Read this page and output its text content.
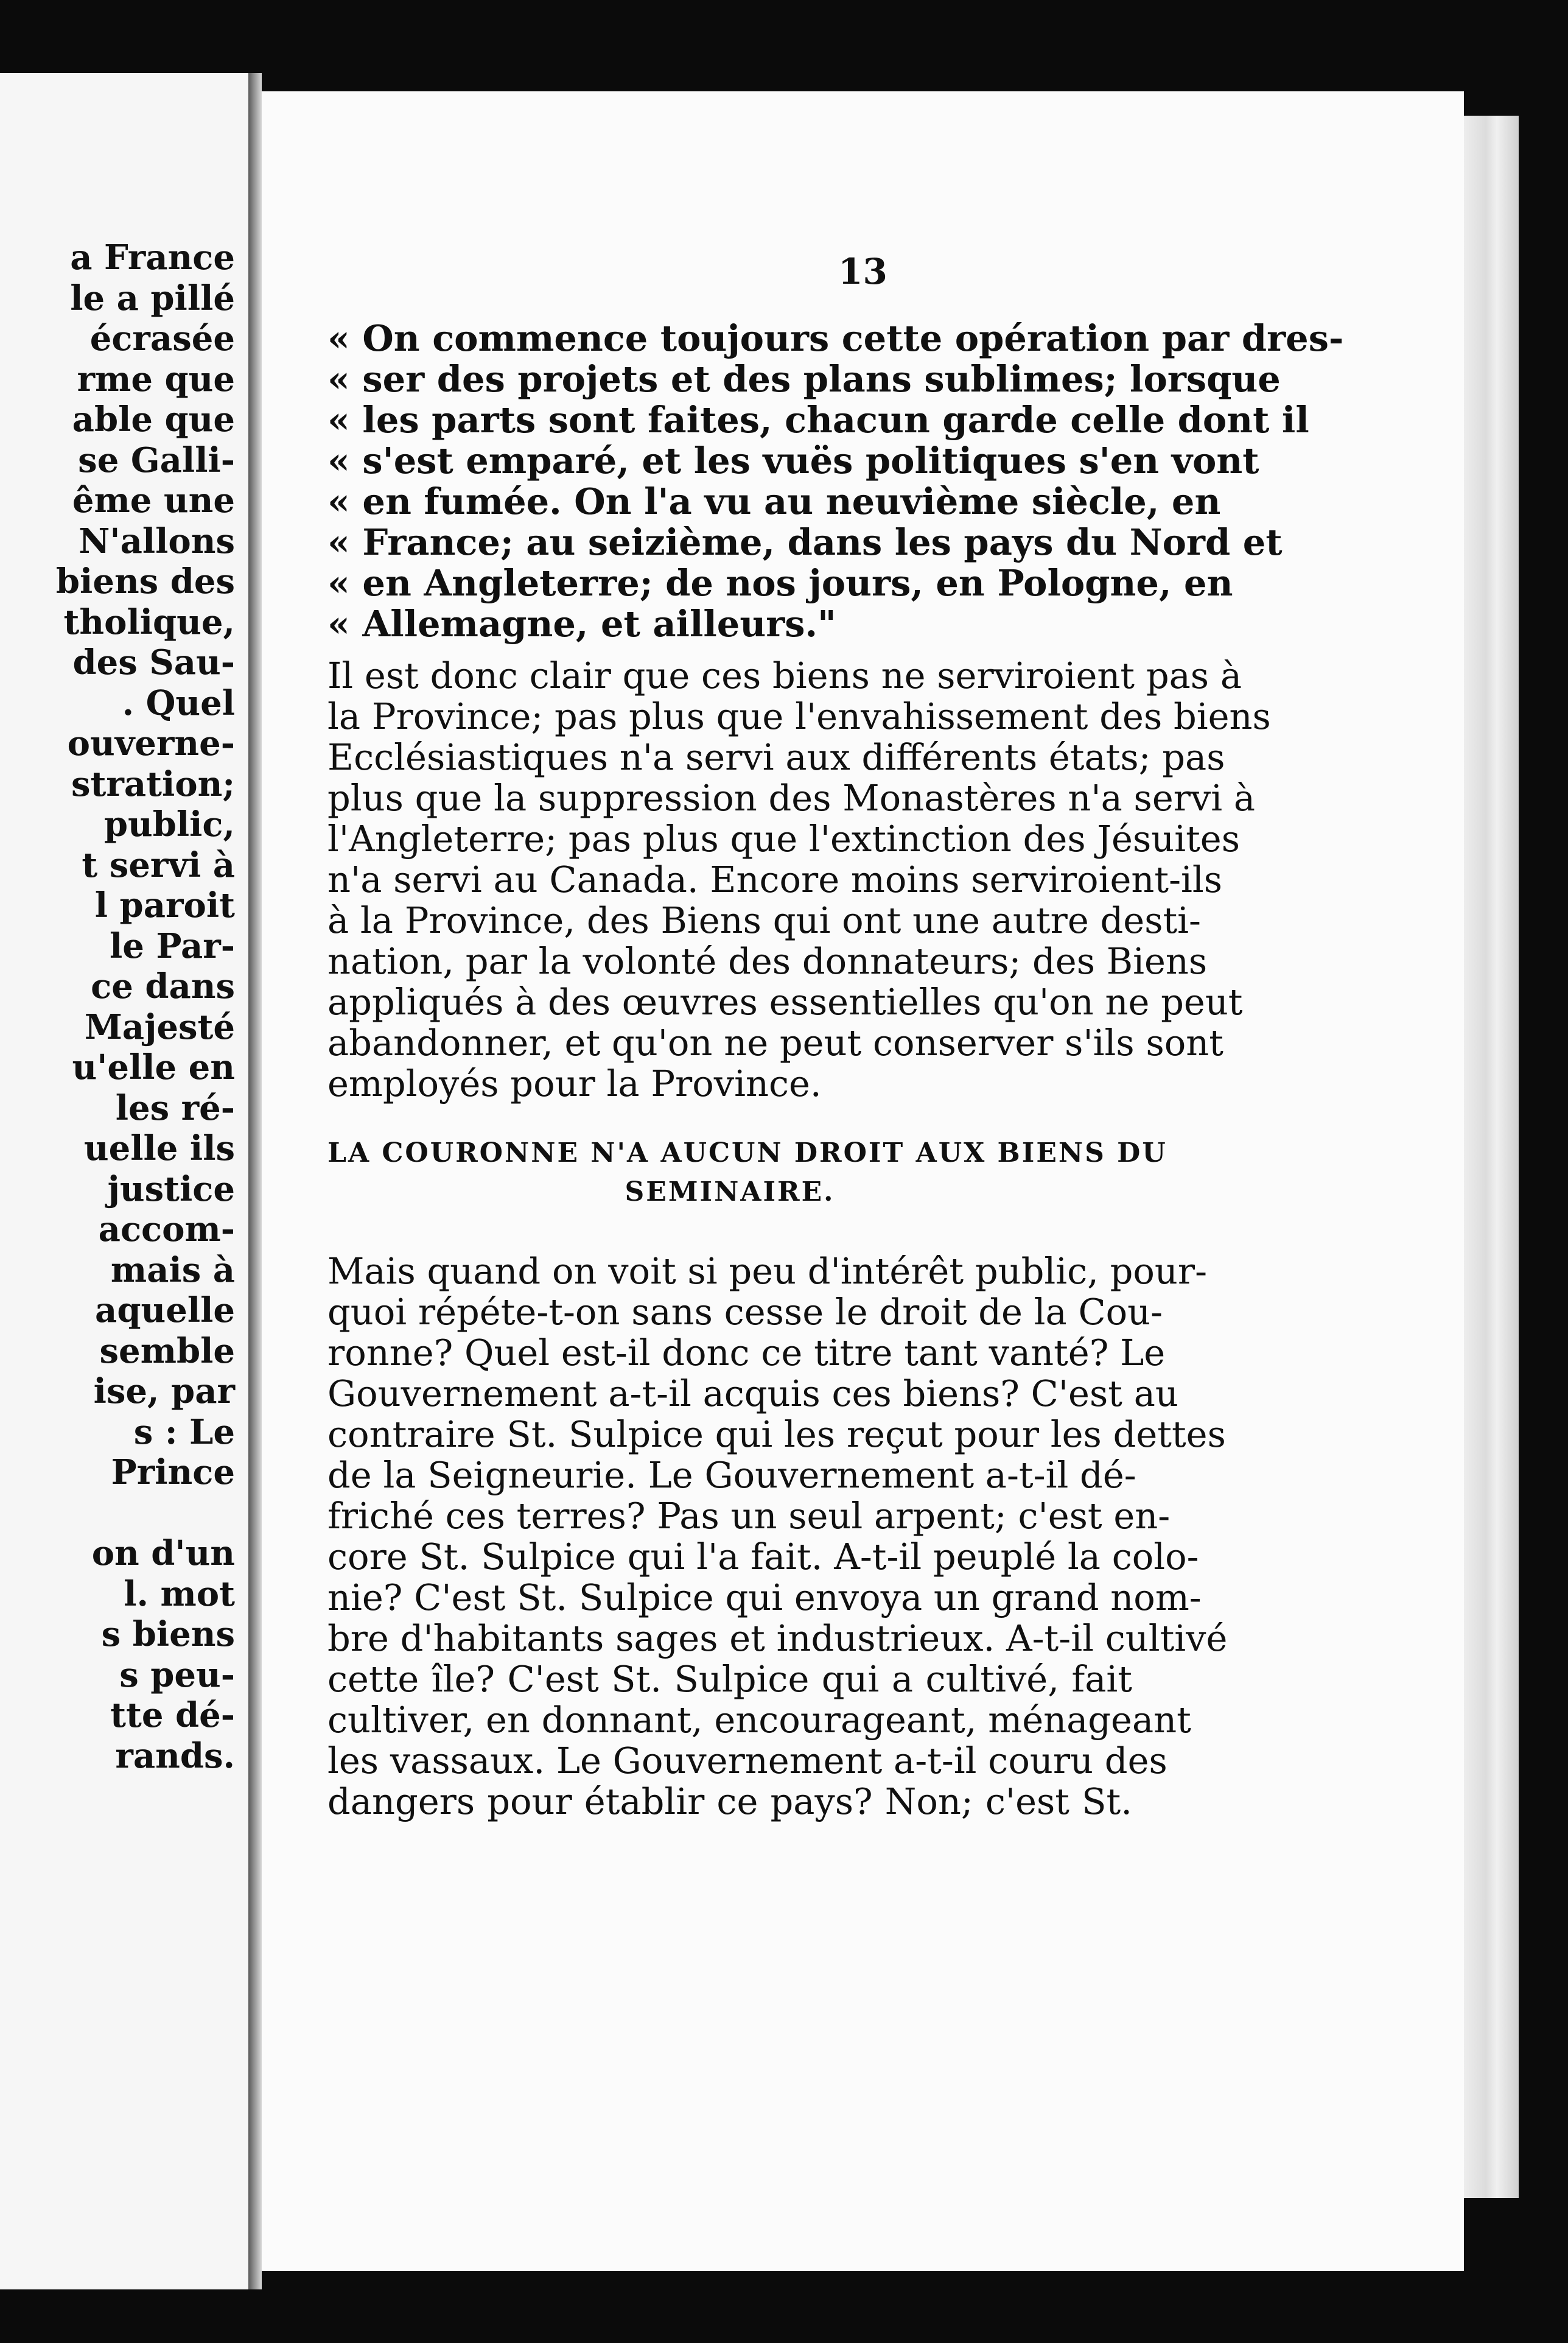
a France
le a pillé
écrasée
rme que
able que
se Galli-
ême une
N'allons
biens des
tholique,
des Sau-
. Quel
ouverne-
stration;
public,
t servi à
l paroit
le Par-
ce dans
Majesté
u'elle en
les ré-
uelle ils
justice
accom-
mais à
aquelle
semble
ise, par
s : Le
Prince
on d'un
l. mot
s biens
s peu-
tte dé-
rands.
13
« On commence toujours cette opération par dres-
« ser des projets et des plans sublimes; lorsque
« les parts sont faites, chacun garde celle dont il
« s'est emparé, et les vuës politiques s'en vont
« en fumée. On l'a vu au neuvième siècle, en
« France; au seizième, dans les pays du Nord et
« en Angleterre; de nos jours, en Pologne, en
« Allemagne, et ailleurs."
Il est donc clair que ces biens ne serviroient pas à
la Province; pas plus que l'envahissement des biens
Ecclésiastiques n'a servi aux différents états; pas
plus que la suppression des Monastères n'a servi à
l'Angleterre; pas plus que l'extinction des Jésuites
n'a servi au Canada. Encore moins serviroient-ils
à la Province, des Biens qui ont une autre desti-
nation, par la volonté des donnateurs; des Biens
appliqués à des œuvres essentielles qu'on ne peut
abandonner, et qu'on ne peut conserver s'ils sont
employés pour la Province.
LA COURONNE N'A AUCUN DROIT AUX BIENS DU
SEMINAIRE.
Mais quand on voit si peu d'intérêt public, pour-
quoi répéte-t-on sans cesse le droit de la Cou-
ronne? Quel est-il donc ce titre tant vanté? Le
Gouvernement a-t-il acquis ces biens? C'est au
contraire St. Sulpice qui les reçut pour les dettes
de la Seigneurie. Le Gouvernement a-t-il dé-
friché ces terres? Pas un seul arpent; c'est en-
core St. Sulpice qui l'a fait. A-t-il peuplé la colo-
nie? C'est St. Sulpice qui envoya un grand nom-
bre d'habitants sages et industrieux. A-t-il cultivé
cette île? C'est St. Sulpice qui a cultivé, fait
cultiver, en donnant, encourageant, ménageant
les vassaux. Le Gouvernement a-t-il couru des
dangers pour établir ce pays? Non; c'est St.
